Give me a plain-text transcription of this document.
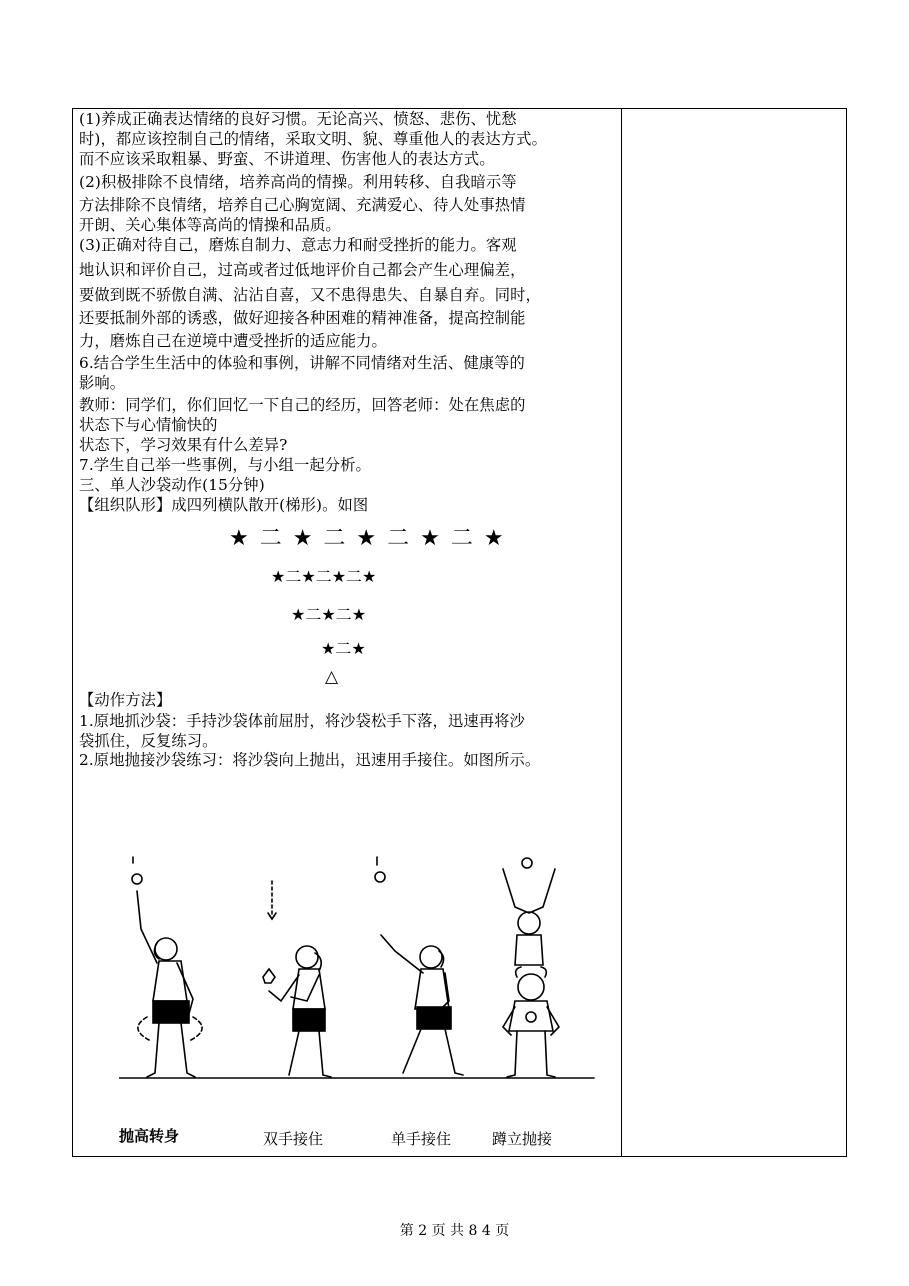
(1)养成正确表达情绪的良好习惯。无论高兴、愤怒、悲伤、忧愁
时)，都应该控制自己的情绪，采取文明、貌、尊重他人的表达方式。
而不应该采取粗暴、野蛮、不讲道理、伤害他人的表达方式。
(2)积极排除不良情绪，培养高尚的情操。利用转移、自我暗示等
方法排除不良情绪，培养自己心胸宽阔、充满爱心、待人处事热情
开朗、关心集体等高尚的情操和品质。
(3)正确对待自己，磨炼自制力、意志力和耐受挫折的能力。客观
地认识和评价自己，过高或者过低地评价自己都会产生心理偏差，
要做到既不骄傲自满、沾沾自喜，又不患得患失、自暴自弃。同时，
还要抵制外部的诱惑，做好迎接各种困难的精神准备，提高控制能
力，磨炼自己在逆境中遭受挫折的适应能力。
6.结合学生生活中的体验和事例，讲解不同情绪对生活、健康等的
影响。
教师：同学们，你们回忆一下自己的经历，回答老师：处在焦虑的
状态下与心情愉快的
状态下，学习效果有什么差异?
7.学生自己举一些事例，与小组一起分析。
三、单人沙袋动作(15分钟)
【组织队形】成四列横队散开(梯形)。如图
★ 二 ★ 二 ★ 二 ★ 二 ★
★二★二★二★
★二★二★
★二★
△
【动作方法】
1.原地抓沙袋：手持沙袋体前屈肘，将沙袋松手下落，迅速再将沙
袋抓住，反复练习。
2.原地抛接沙袋练习：将沙袋向上抛出，迅速用手接住。如图所示。
抛高转身	双手接住	单手接住	蹲立抛接
第 2 页 共 8 4 页
